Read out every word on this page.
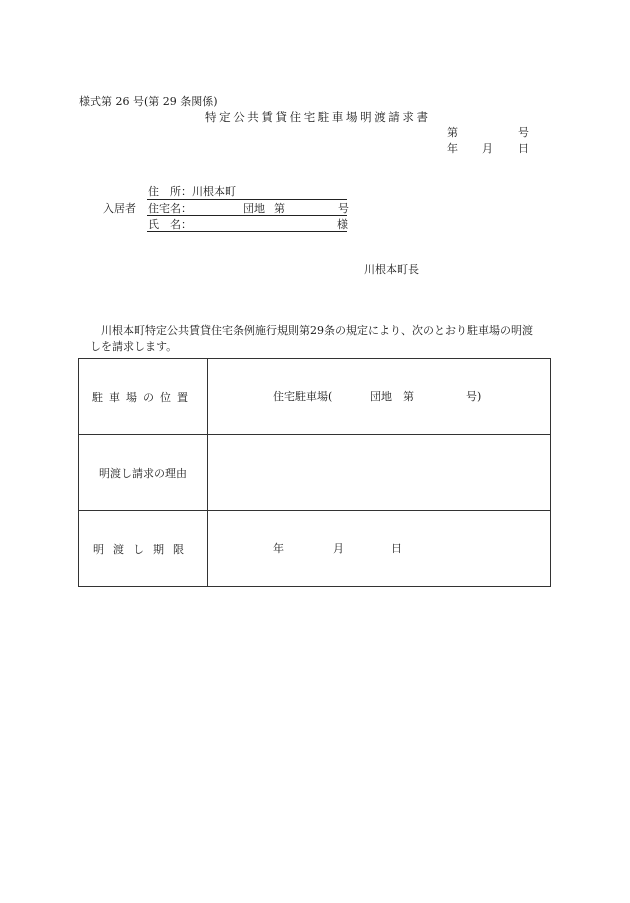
様式第 26 号(第 29 条関係)
特定公共賃貸住宅駐車場明渡請求書
第	号
年 月 日
入居者
住　所：川根本町
住宅名：	団地 第	号
氏　名：	様
川根本町長
川根本町特定公共賃貸住宅条例施行規則第29条の規定により、次のとおり駐車場の明渡
しを請求します。
駐車場の位置	住宅駐車場( 団地 第 号)

明渡し請求の理由	
明渡し期限	年 月 日
